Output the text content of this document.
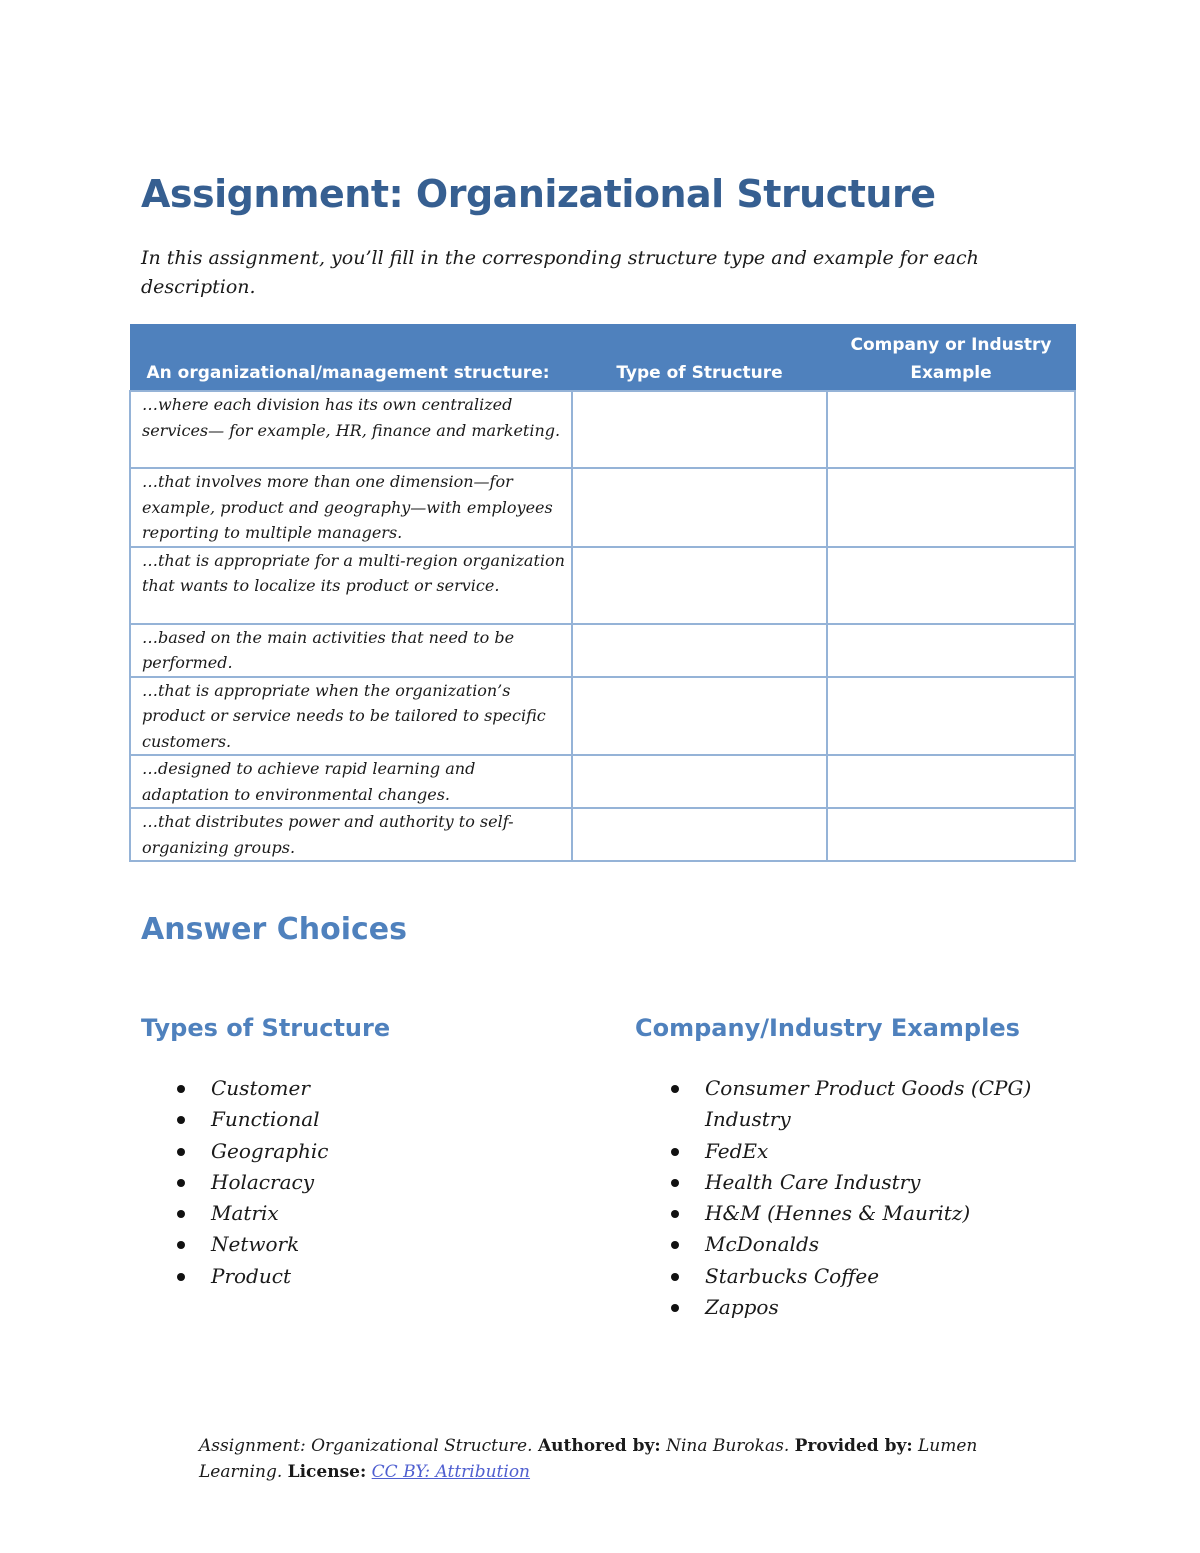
Assignment: Organizational Structure

In this assignment, you’ll fill in the corresponding structure type and example for each description.

An organizational/management structure:	Type of Structure	Company or Industry Example
…where each division has its own centralized services— for example, HR, finance and marketing.		
…that involves more than one dimension—for example, product and geography—with employees reporting to multiple managers.		
…that is appropriate for a multi-region organization that wants to localize its product or service.		
…based on the main activities that need to be performed.		
…that is appropriate when the organization’s product or service needs to be tailored to specific customers.		
…designed to achieve rapid learning and adaptation to environmental changes.		
…that distributes power and authority to self-organizing groups.		
Answer Choices
Types of Structure
Customer
Functional
Geographic
Holacracy
Matrix
Network
Product
Company/Industry Examples
Consumer Product Goods (CPG) Industry
FedEx
Health Care Industry
H&M (Hennes & Mauritz)
McDonalds
Starbucks Coffee
Zappos

Assignment: Organizational Structure. Authored by: Nina Burokas. Provided by: Lumen Learning. License: CC BY: Attribution
